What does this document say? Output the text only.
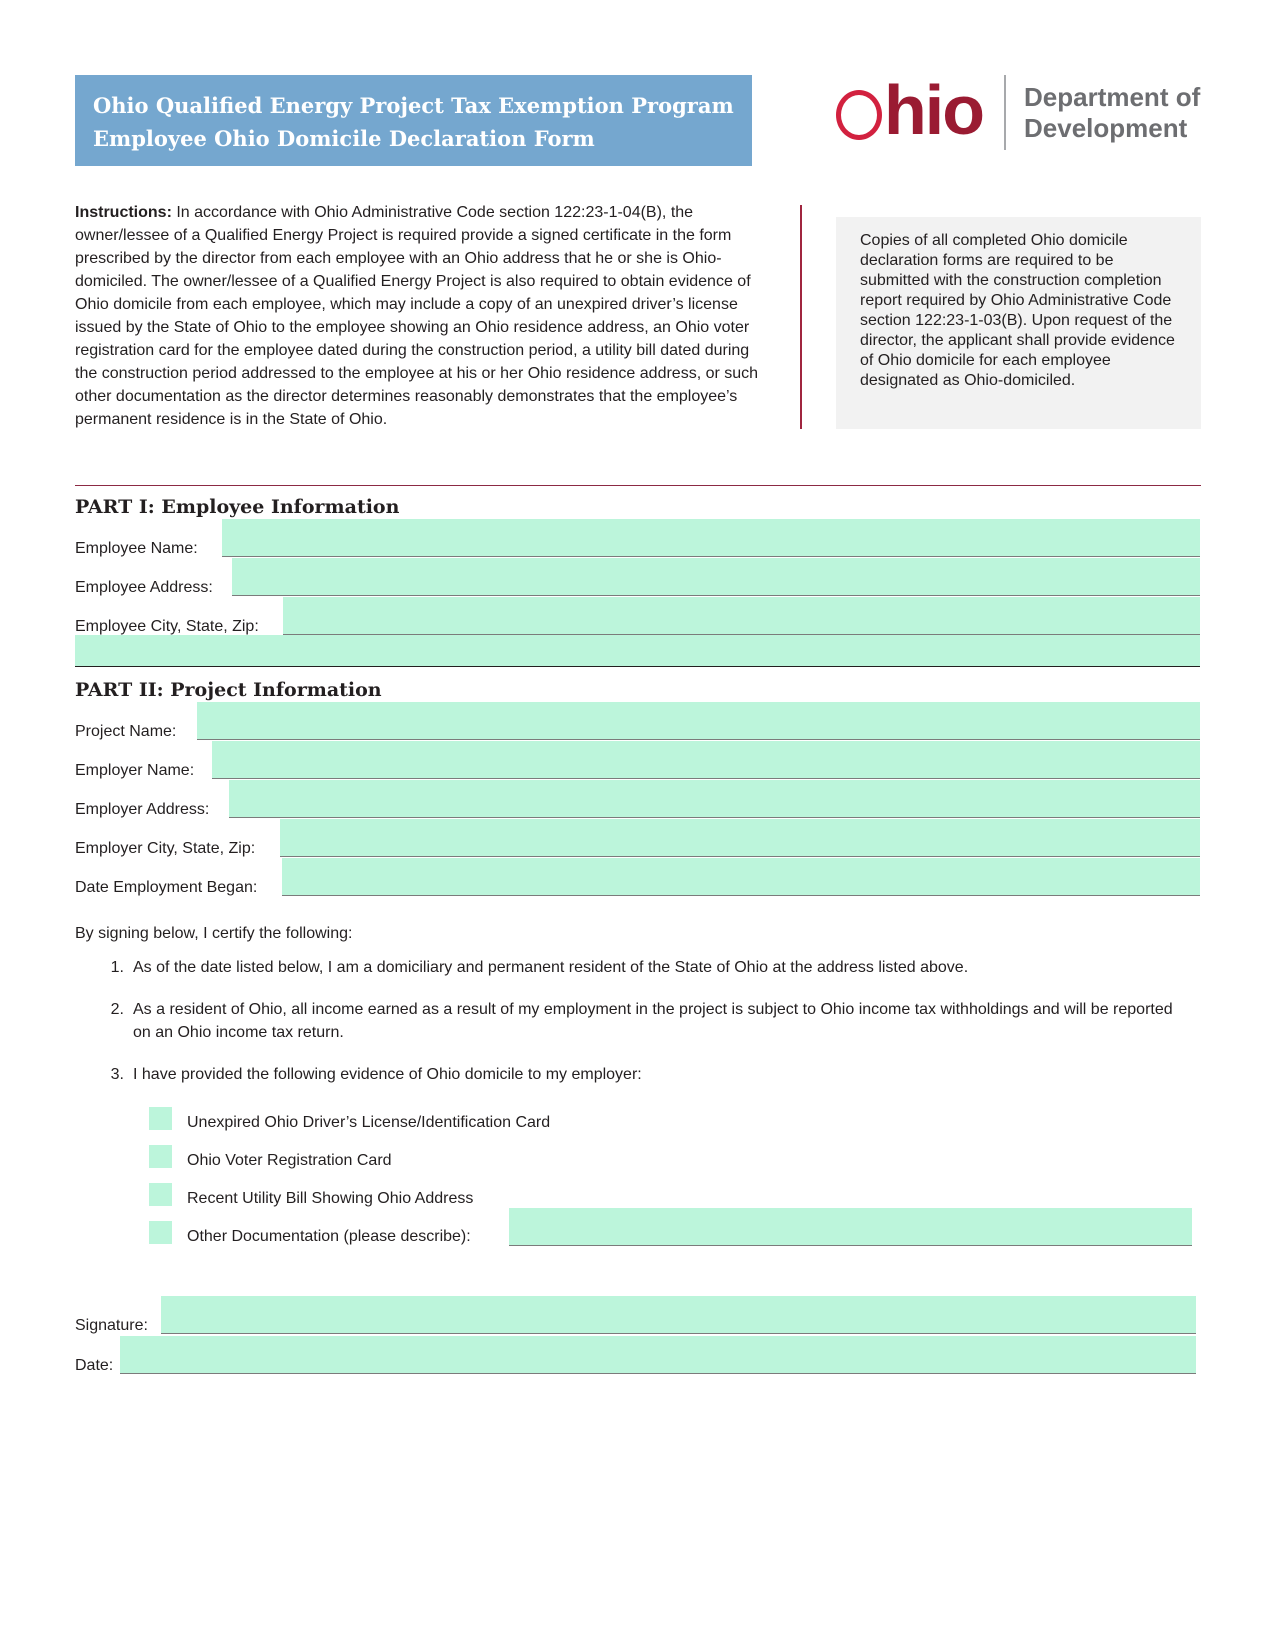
Ohio Qualified Energy Project Tax Exemption Program
Employee Ohio Domicile Declaration Form	hio Department of
Development
Instructions: In accordance with Ohio Administrative Code section 122:23-1-04(B), the owner/lessee of a Qualified Energy Project is required provide a signed certificate in the form prescribed by the director from each employee with an Ohio address that he or she is Ohio-domiciled. The owner/lessee of a Qualified Energy Project is also required to obtain evidence of Ohio domicile from each employee, which may include a copy of an unexpired driver’s license issued by the State of Ohio to the employee showing an Ohio residence address, an Ohio voter registration card for the employee dated during the construction period, a utility bill dated during the construction period addressed to the employee at his or her Ohio residence address, or such other documentation as the director determines reasonably demonstrates that the employee’s permanent residence is in the State of Ohio.
Copies of all completed Ohio domicile declaration forms are required to be submitted with the construction completion report required by Ohio Administrative Code section 122:23-1-03(B). Upon request of the director, the applicant shall provide evidence of Ohio domicile for each employee designated as Ohio-domiciled.
PART I: Employee Information
Employee Name:
Employee Address:
Employee City, State, Zip:
PART II: Project Information
Project Name:
Employer Name:
Employer Address:
Employer City, State, Zip:
Date Employment Began:
By signing below, I certify the following:
1. As of the date listed below, I am a domiciliary and permanent resident of the State of Ohio at the address listed above.
2. As a resident of Ohio, all income earned as a result of my employment in the project is subject to Ohio income tax withholdings and will be reported on an Ohio income tax return.
3. I have provided the following evidence of Ohio domicile to my employer:
Unexpired Ohio Driver’s License/Identification Card
Ohio Voter Registration Card
Recent Utility Bill Showing Ohio Address
Other Documentation (please describe):
Signature:
Date:
